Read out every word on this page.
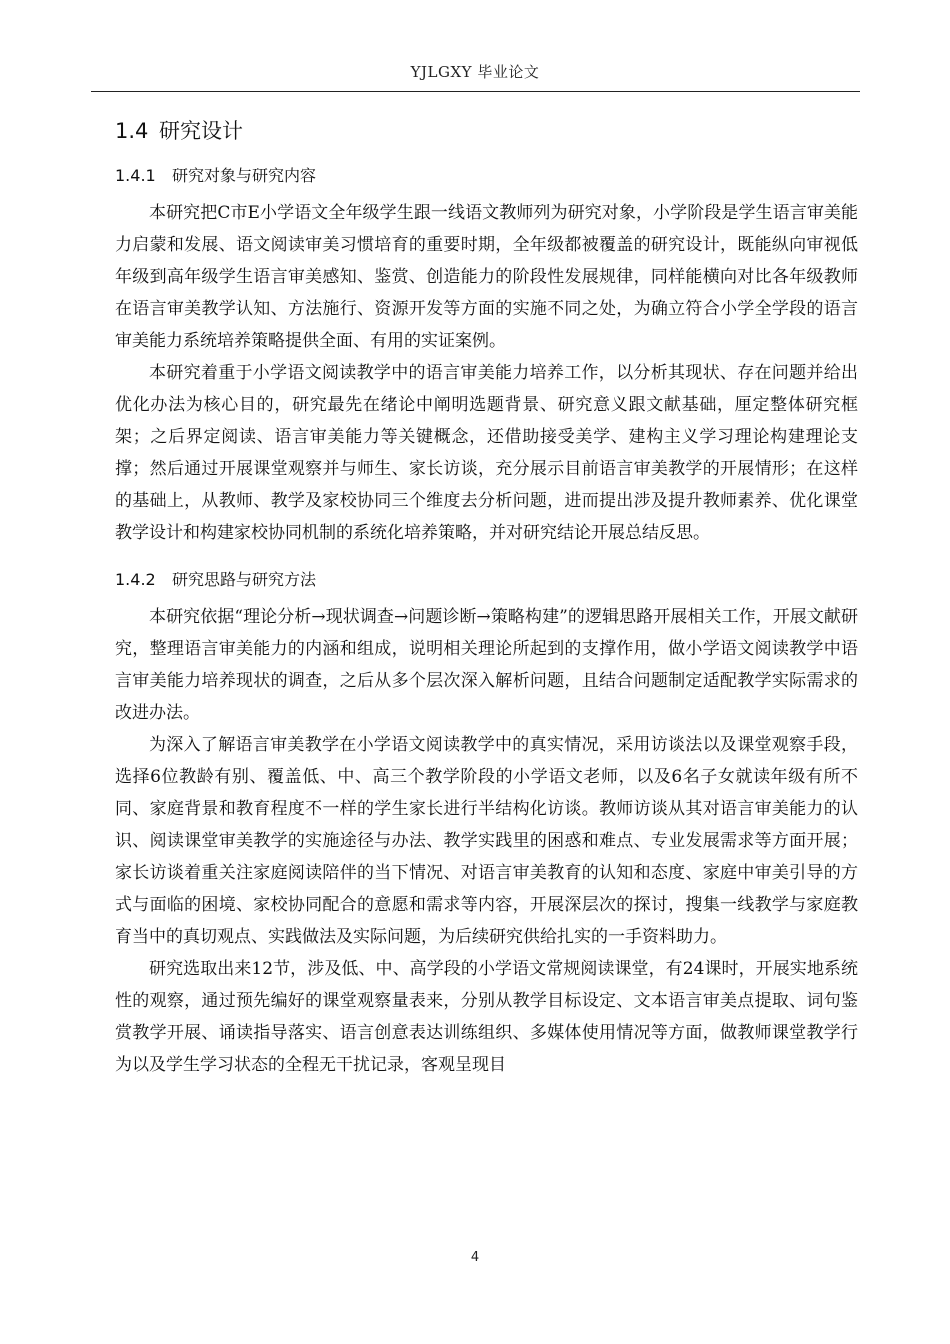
YJLGXY 毕业论文
1.4 研究设计
1.4.1	研究对象与研究内容

本研究把C市E小学语文全年级学生跟一线语文教师列为研究对象，小学阶段是学生语言审美能力启蒙和发展、语文阅读审美习惯培育的重要时期，全年级都被覆盖的研究设计，既能纵向审视低年级到高年级学生语言审美感知、鉴赏、创造能力的阶段性发展规律，同样能横向对比各年级教师在语言审美教学认知、方法施行、资源开发等方面的实施不同之处，为确立符合小学全学段的语言审美能力系统培养策略提供全面、有用的实证案例。

本研究着重于小学语文阅读教学中的语言审美能力培养工作，以分析其现状、存在问题并给出优化办法为核心目的，研究最先在绪论中阐明选题背景、研究意义跟文献基础，厘定整体研究框架；之后界定阅读、语言审美能力等关键概念，还借助接受美学、建构主义学习理论构建理论支撑；然后通过开展课堂观察并与师生、家长访谈，充分展示目前语言审美教学的开展情形；在这样的基础上，从教师、教学及家校协同三个维度去分析问题，进而提出涉及提升教师素养、优化课堂教学设计和构建家校协同机制的系统化培养策略，并对研究结论开展总结反思。

1.4.2	研究思路与研究方法

本研究依据“理论分析→现状调查→问题诊断→策略构建”的逻辑思路开展相关工作，开展文献研究，整理语言审美能力的内涵和组成，说明相关理论所起到的支撑作用，做小学语文阅读教学中语言审美能力培养现状的调查，之后从多个层次深入解析问题，且结合问题制定适配教学实际需求的改进办法。

为深入了解语言审美教学在小学语文阅读教学中的真实情况，采用访谈法以及课堂观察手段，选择6位教龄有别、覆盖低、中、高三个教学阶段的小学语文老师，以及6名子女就读年级有所不同、家庭背景和教育程度不一样的学生家长进行半结构化访谈。教师访谈从其对语言审美能力的认识、阅读课堂审美教学的实施途径与办法、教学实践里的困惑和难点、专业发展需求等方面开展；家长访谈着重关注家庭阅读陪伴的当下情况、对语言审美教育的认知和态度、家庭中审美引导的方式与面临的困境、家校协同配合的意愿和需求等内容，开展深层次的探讨，搜集一线教学与家庭教育当中的真切观点、实践做法及实际问题，为后续研究供给扎实的一手资料助力。

研究选取出来12节，涉及低、中、高学段的小学语文常规阅读课堂，有24课时，开展实地系统性的观察，通过预先编好的课堂观察量表来，分别从教学目标设定、文本语言审美点提取、词句鉴赏教学开展、诵读指导落实、语言创意表达训练组织、多媒体使用情况等方面，做教师课堂教学行为以及学生学习状态的全程无干扰记录，客观呈现目

4
